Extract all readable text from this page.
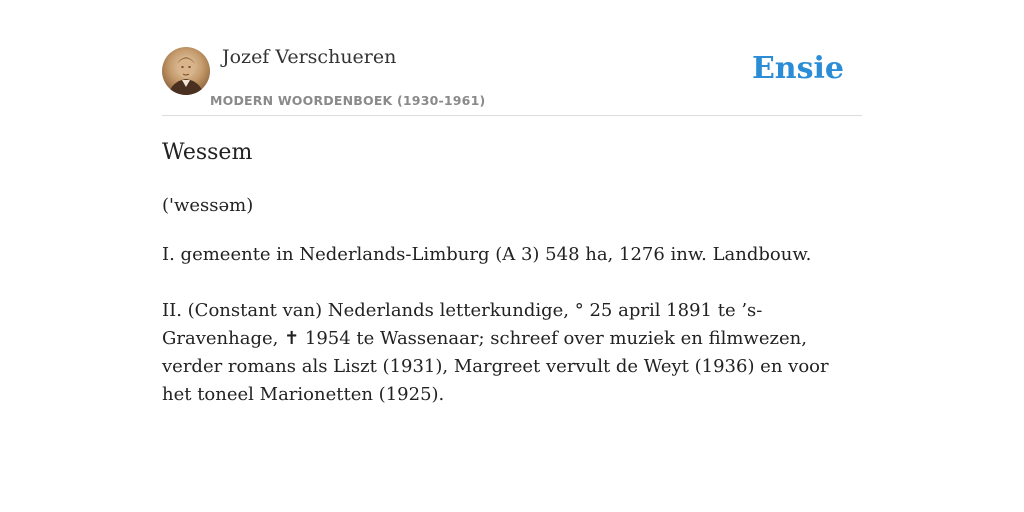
Jozef Verschueren
MODERN WOORDENBOEK (1930-1961)
Ensie
Wessem
('wessəm)

I. gemeente in Nederlands-Limburg (A 3) 548 ha, 1276 inw. Landbouw.

II. (Constant van) Nederlands letterkundige, ° 25 april 1891 te ’s-Gravenhage, ✝ 1954 te Wassenaar; schreef over muziek en filmwezen, verder romans als Liszt (1931), Margreet vervult de Weyt (1936) en voor het toneel Marionetten (1925).
